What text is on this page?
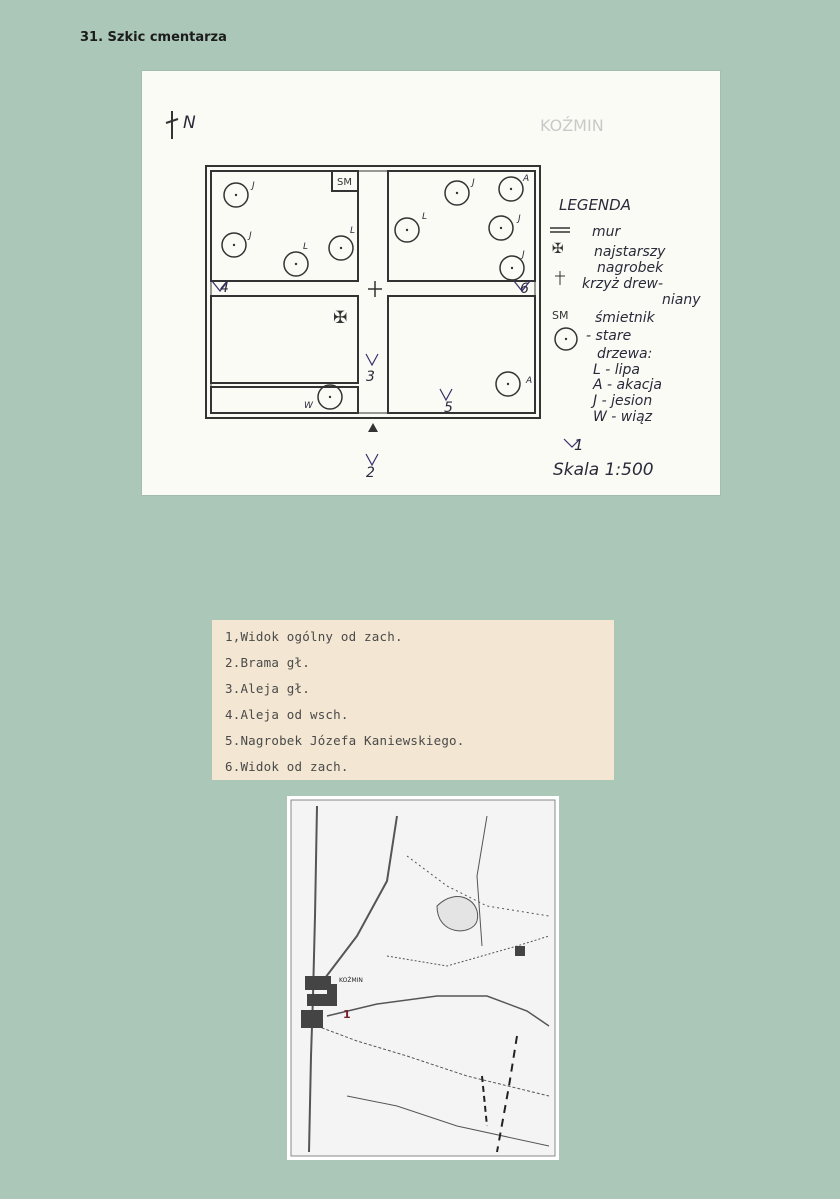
31. Szkic cmentarza
N	KOŹMIN
SM
✠
J
J
L
L
J	A
L	J
J
A
W
4	6
3
5
2
LEGENDA
✠
SM
mur
najstarszy
nagrobek
krzyż drew-
niany
śmietnik
- stare
drzewa:
L - lipa
A - akacja
J - jesion
W - wiąz
1
Skala 1:500
1,Widok ogólny od zach.
2.Brama gł.
3.Aleja gł.
4.Aleja od wsch.
5.Nagrobek Józefa Kaniewskiego.
6.Widok od zach.
KOŹMIN
1
